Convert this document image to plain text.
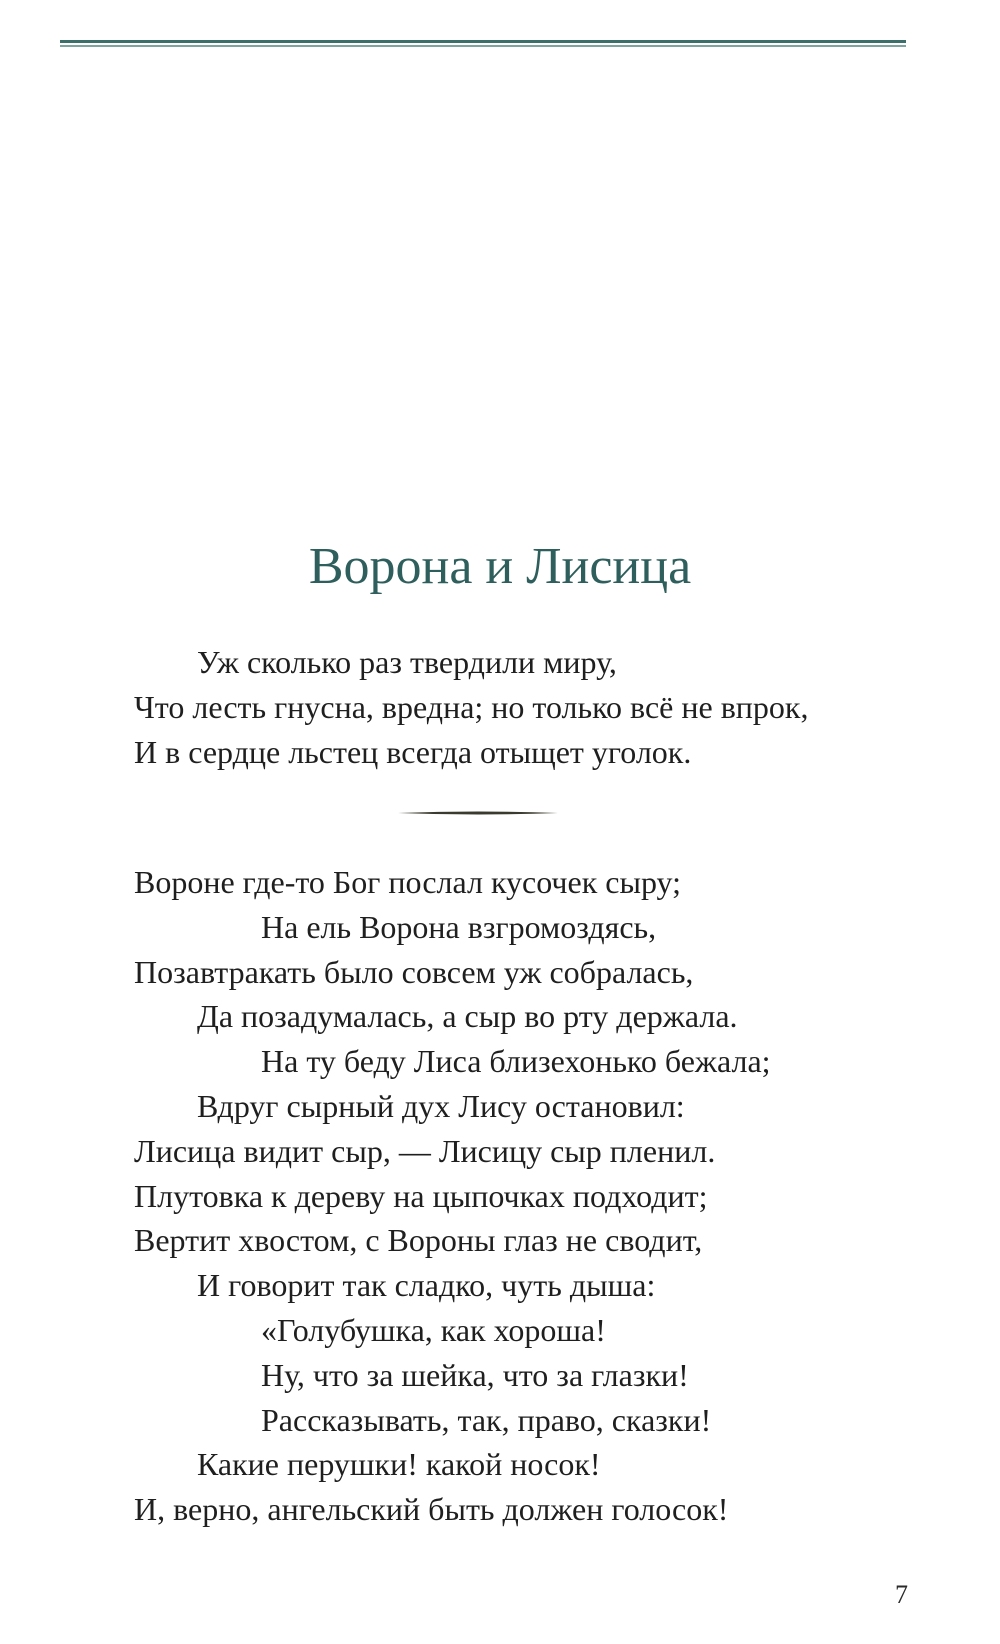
Ворона и Лисица
Уж сколько раз твердили миру,
Что лесть гнусна, вредна; но только всё не впрок,
И в сердце льстец всегда отыщет уголок.
Вороне где-то Бог послал кусочек сыру;
На ель Ворона взгромоздясь,
Позавтракать было совсем уж собралась,
Да позадумалась, а сыр во рту держала.
На ту беду Лиса близехонько бежала;
Вдруг сырный дух Лису остановил:
Лисица видит сыр, — Лисицу сыр пленил.
Плутовка к дереву на цыпочках подходит;
Вертит хвостом, с Вороны глаз не сводит,
И говорит так сладко, чуть дыша:
«Голубушка, как хороша!
Ну, что за шейка, что за глазки!
Рассказывать, так, право, сказки!
Какие перушки! какой носок!
И, верно, ангельский быть должен голосок!
7
